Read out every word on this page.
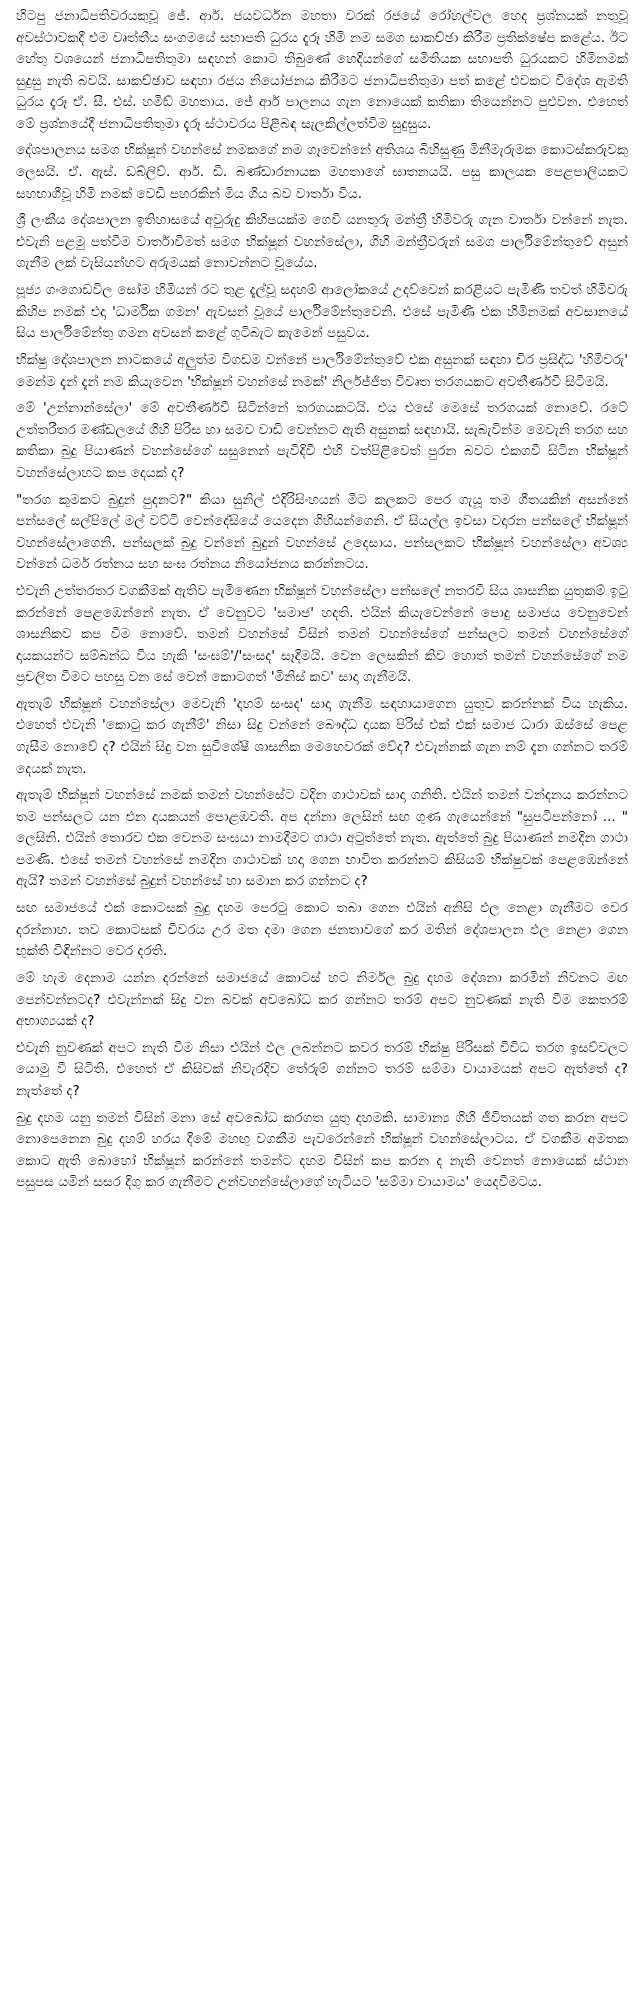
හිටපු ජනාධිපතිවරයකුවූ ජේ. ආර්. ජයවර්ධන මහතා වරක් රජයේ රෝහල්වල හෙද ප්‍රශ්නයක් නතුවූ අවස්ථාවකදී එම වෘත්තීය සංගමයේ සභාපති ධුරය දැරූ හිමි නම සමග සාකච්ඡා කිරීම ප්‍රතික්ෂේප කළේය. ඊට හේතු වශයෙන් ජනාධිපතිතුමා සඳහන් කොට තිබුණේ හෙදියන්ගේ සමිතියක සභාපති ධුරයකට හිමිනමක් සුදුසු නැති බවයි. සාකච්ඡාව සඳහා රජය නියෝජනය කිරීමට ජනාධිපතිතුමා පත් කළේ එවකට විදේශ ඇමති ධුරය දැරූ ඒ. සී. එස්. හමීඞ් මහතාය. ජේ ආර් පාලනය ගැන නොයෙක් කතිකා තියෙන්නට පුළුවන. එහෙත් මේ ප්‍රශ්නයේදී ජනාධිපතිතුමා දැරූ ස්ථාවරය පිළිබඳ සැලකිල්ලත්වීම සුදුසුය.

දේශපාලනය සමග භික්ෂූන් වහන්සේ නමකගේ නම ගෑවෙන්නේ අතිශය බිහිසුණු මිනීමැරුමක කොටස්කරුවකු ලෙසයි. ඒ. ඇස්. ඩබ්ලිව්. ආර්. ඩී. බණ්ඩාරනායක මහතාගේ ඝාතනයයි. පසු කාලයක පෙළපාලියකට සහභාගීවූ හිමි නමක් වෙඩි පහරකින් මිය ගිය බව වාර්තා විය.

ශ්‍රී ලංකීය දේශපාලන ඉතිහාසයේ අවුරුදු කිහිපයක්ම ගෙවී යනතුරු මන්ත්‍රී හිමිවරු ගැන වාර්තා වන්නේ නැත. එවැනි පළමු පත්වීම වාර්තාවීමත් සමග භික්ෂූන් වහන්සේලා, ගිහි මන්ත්‍රීවරුන් සමග පාර්ලිමේන්තුවේ අසුන් ගැනීම ලක් වැසියන්හට අරුමයක් නොවන්නට වූයේය.

පූජ්‍ය ගංගොඩවිල සෝම හිමියන් රට තුළ දැල්වූ සදහම් ආලෝකයේ උදව්වෙන් කරළියට පැමිණි තවත් හිමිවරු කිහිප නමක් එදා 'ධාර්මික ගමන' ඇවසන් වූයේ පාර්ලිමේන්තුවෙනි. එසේ පැමිණි එක හිමිනමක් අවසානයේ සිය පාර්ලිමේන්තු ගමන අවසන් කළේ ගුටිබැට කැමෙන් පසුවය.

භික්ෂු දේශපාලන නාටකයේ අලුත්ම විගඩම වන්නේ පාර්ලිමේන්තුවේ එක අසුනක් සඳහා චිර ප්‍රසිද්ධ 'හිමිවරු' මෙන්ම දැන් දැන් නම කියැවෙන 'භික්ෂූන් වහන්සේ නමක්' නිර්ලජ්ජිත විවෘත තරගයකට අවතීර්ණවී සිටීමයි.

මේ 'උන්නාන්සේලා' මේ අවතීර්ණවී සිටින්නේ තරගයකටයි. එය එසේ මෙසේ තරගයක් නොවේ. රටේ උත්තරීතර මණ්ඩලයේ ගිහි පිරිස හා සමව වාඩි වෙන්නට ඇති අසුනක් සඳහායි. සැබැවින්ම මෙවැනි තරග සහ කතිකා බුදු පියාණන් වහන්සේගේ සසුනෙන් පැවිදිවී එහි වත්පිළිවෙත් පුරන බවට එකගවී සිටින භික්ෂූන් වහන්සේලාහට කප දෙයක් ද?

"තරග කුමකට බුදුන් පුදනට?" කියා සුනිල් එදිරිසිංහයන් මීට කලකට පෙර ගැයූ තම ගීතයකින් අසන්නේ පන්සලේ සල්පිලේ මල් වට්ටි වෙන්දේසියේ යෙදෙන ගිහියන්ගෙනි. ඒ සියල්ල ඉවසා වදාරන පන්සලේ භික්ෂූන් වහන්සේලාගෙනි. පන්සලක් බුදු වන්නේ බුදුන් වහන්සේ උදෙසාය. පන්සලකට භික්ෂූන් වහන්සේලා අවශ්‍ය වන්නේ ධර්ම රත්නය සහ සංඝ රත්නය නියෝජනය කරන්නටය.

එවැනි උත්තරතර වගකීමක් ඇතිව පැමිණෙන භික්ෂූන් වහන්සේලා පන්සලේ නතරවී සිය ශාසනික යුතුකම් ඉටු කරන්නේ පෙළඹෙන්නේ නැත. ඒ වෙනුවට 'සමාජ' හදති. එයින් කියැවෙන්නේ පොදු සමාජය වෙනුවෙන් ශාසනිකව කප වීම නොවේ. තමන් වහන්සේ විසින් තමන් වහන්සේගේ පන්සලට තමන් වහන්සේගේ දායකයන්ට සම්බන්ධ විය හැකි 'සංඝම්'/'සංසද' සෑදීමයි. වෙන ලෙසකින් කිව හොත් තමන් වහන්සේගේ නම ප්‍රචලිත වීමට පහසු වන සේ වෙන් කොටගත් 'මිනිස් කව' සාදා ගැනීමයි.

ඇතැම් භික්ෂූන් වහන්සේලා මෙවැනි 'දහම් සංසද' සාදා ගැනීම සඳහායාගෙන යුතුව කරන්නක් විය හැකිය. එහෙත් එවැනි 'කොටු කර ගැනීම්' නිසා සිදු වන්නේ බෞද්ධ දායක පිරිස් එක් එක් සමාජ ධාරා ඔස්සේ පෙළ ගැසීම නොවේ ද? එයින් සිදු වන සුවිශේෂී ශාසනික මෙහෙවරක් වේද? එවැන්නක් ගැන නම් දැන ගන්නට තරම් දෙයක් නැත.

ඇතැම් භික්ෂූන් වහන්සේ නමක් තමන් වහන්සේට වදින ගාථාවක් සාදා ගනිති. එයින් තමන් වන්දනය කරන්නට තම පන්සලට යන එන දායකයන් පොළඹවති. අප දන්නා ලෙසින් සඟ ගුණ ගැයෙන්නේ "සුපටිපන්නෝ ... " ලෙසිනි. එයින් තොරව එක වෙනම සංඝයා නාමදීමට ගාථා අටුත්තේ නැත. ඇත්තේ බුදු පියාණන් නමදින ගාථා පමණි. එසේ තමන් වහන්සේ නමදින ගාථාවක් හදා ගෙන භාවිත කරන්නට කිසියම් භික්ෂුවක් පෙළඹෙන්නේ ඇයි? තමන් වහන්සේ බුදුන් වහන්සේ හා සමාන කර ගන්නට ද?

සඟ සමාජයේ එක් කොටසක් බුදු දහම පෙරටු කොට තබා ගෙන එයින් අනිසි ඵල නෙළා ගැනීමට වෙර දරන්නාහ. තව කොටසක් චීවරය උර මත දමා ගෙන ජනතාවගේ කර මතින් දේශපාලන ඵල නෙළා ගෙන භුක්ති විඳින්නට වෙර දරති.

මේ හැම දෙනාම යන්න දරන්නේ සමාජයේ කොටස් හට නිර්මල බුදු දහම දේශනා කරමින් නිවනට මඟ පෙන්වන්නටද? එවැන්නක් සිදු වන බවක් අවබෝධ කර ගන්නට තරම් අපට නුවණක් නැති වීම කෙතරම් අභාග්‍යයක් ද?

එවැනි නුවණක් අපට නැති වීම නිසා එයින් ඵල ලබන්නට කවර තරම් භික්ෂු පිරිසක් විවිධ තරග ඉසව්වලට යොමු වී සිටිති. එහෙත් ඒ කිසිවක් නිවැරදිව තේරුම් ගන්නට තරම් සම්මා වායාමයක් අපට ඇත්තේ ද? නැත්තේ ද?

බුදු දහම යනු තමන් විසින් මනා සේ අවබෝධ කරගත යුතු දහමකි. සාමාන්‍ය ගිහි ජීවිතයක් ගත කරන අපට නොපෙනෙන බුදු දහම් හරය දීමේ මහඟු වගකීම පැවරෙන්නේ භික්ෂූන් වහන්සේලාටය. ඒ වගකීම අමතක කොට ඇති බොහෝ භික්ෂූන් කරන්නේ තමන්ට දහම විසින් කප කරන ද නැති වෙනත් නොයෙක් ස්ථාන පසුපස යමින් සසර දිගු කර ගැනීමට උන්වහන්සේලාගේ හැටියට 'සම්මා වායාමය' යෙදවීමටය.
